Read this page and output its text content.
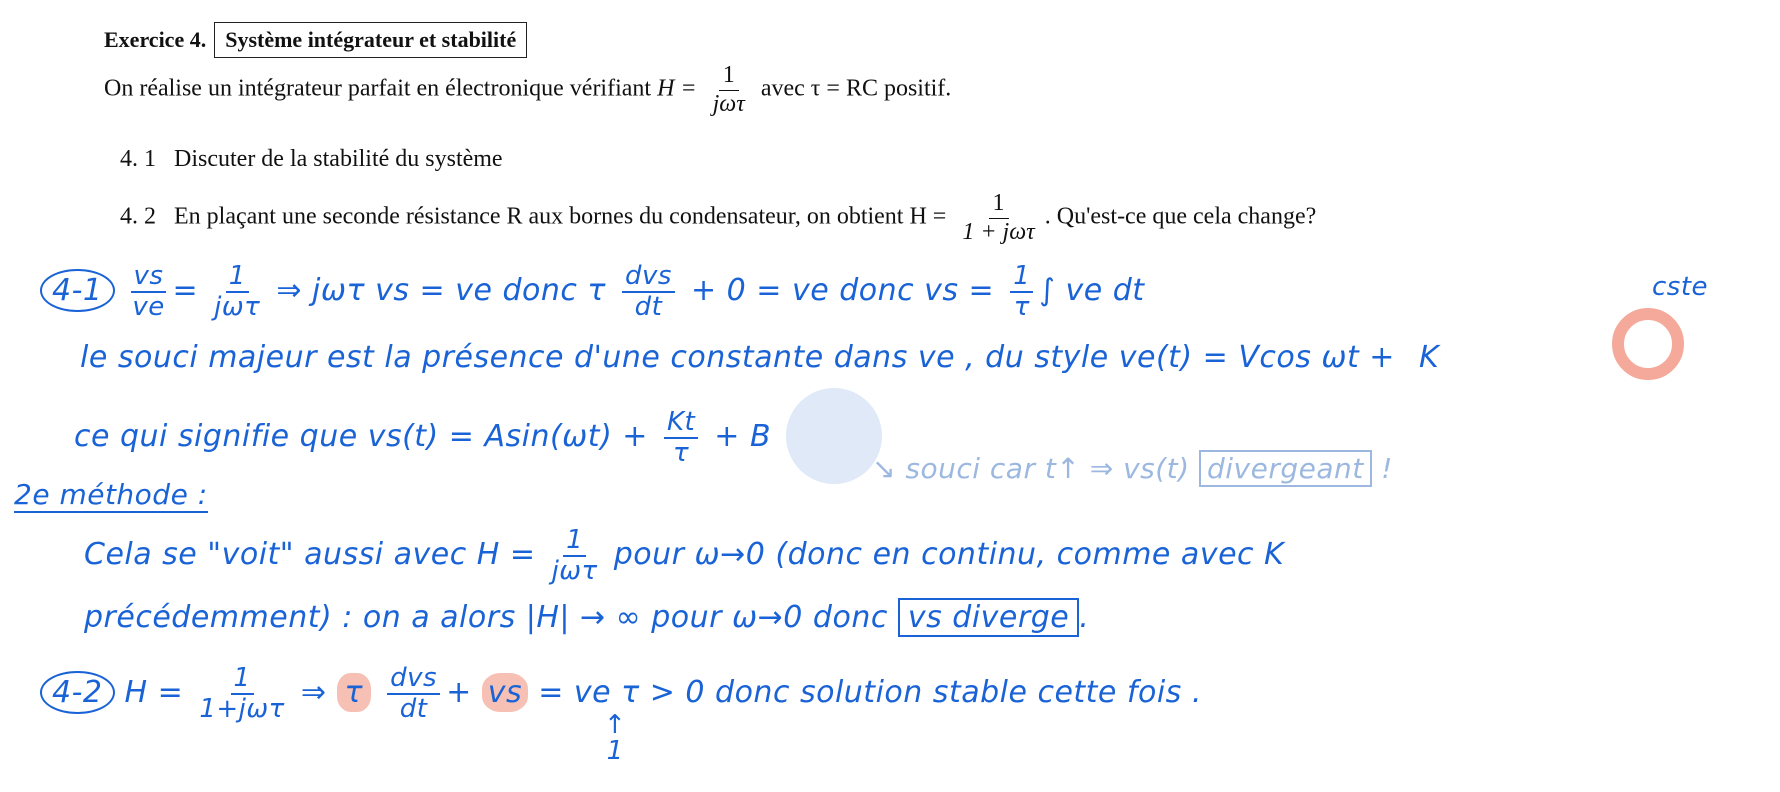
Exercice 4. Système intégrateur et stabilité
On réalise un intégrateur parfait en électronique vérifiant $H = \frac{1}{\text{jωτ}}$ avec τ = RC positif.
4. 1 Discuter de la stabilité du système
4. 2 En plaçant une seconde résistance R aux bornes du condensateur, on obtient $H = \frac{1}{\text{1 + jωτ}}$ . Qu'est-ce que cela change?
$4-1 \frac{vs}{ve} = 1$
jωτ ⇒ jωτ vs = ve donc τ dvs
dt + 0 = ve donc vs = $\frac{1}{\tau}$ ∫ ve dt	cste
le souci majeur est la présence d'une constante dans ve , du style ve(t) = Vcos ωt + K
ce qui signifie que $vs(t) = Asin(\omega t) + \frac{Kt}{\tau} + B$
↘ souci car t↑ ⇒ vs(t) divergeant !
2e méthode :
Cela se "voit" aussi avec H = 1
jωτ pour ω→0 (donc en continu, comme avec K
précédemment) : on a alors |H| → ∞ pour ω→0 donc vs diverge .
4-2 H = 1
1+jωτ ⇒ τ dvs
dt + vs = ve τ > 0 donc solution stable cette fois .
↑
1
